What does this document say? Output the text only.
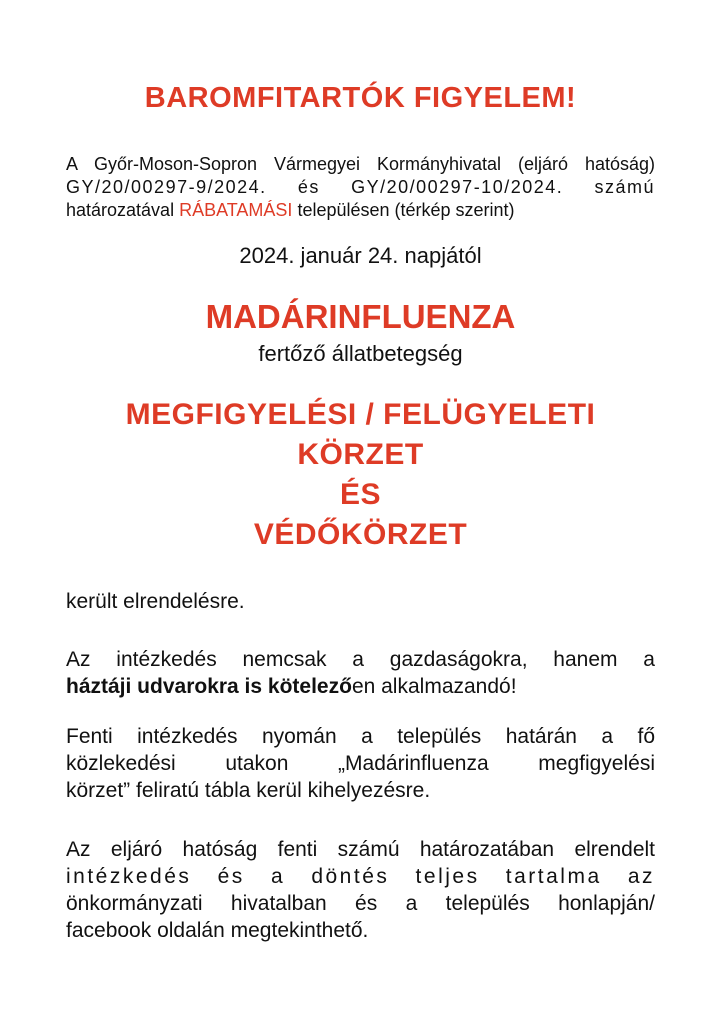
BAROMFITARTÓK FIGYELEM!
A Győr-Moson-Sopron Vármegyei Kormányhivatal (eljáró hatóság)
GY/20/00297-9/2024. és GY/20/00297-10/2024. számú
határozatával RÁBATAMÁSI településen (térkép szerint)
2024. január 24. napjától
MADÁRINFLUENZA
fertőző állatbetegség
MEGFIGYELÉSI / FELÜGYELETI
KÖRZET
ÉS
VÉDŐKÖRZET
került elrendelésre.
Az intézkedés nemcsak a gazdaságokra, hanem a
háztáji udvarokra is kötelezően alkalmazandó!
Fenti intézkedés nyomán a település határán a fő
közlekedési utakon „Madárinfluenza megfigyelési
körzet” feliratú tábla kerül kihelyezésre.
Az eljáró hatóság fenti számú határozatában elrendelt
intézkedés és a döntés teljes tartalma az
önkormányzati hivatalban és a település honlapján/
facebook oldalán megtekinthető.
